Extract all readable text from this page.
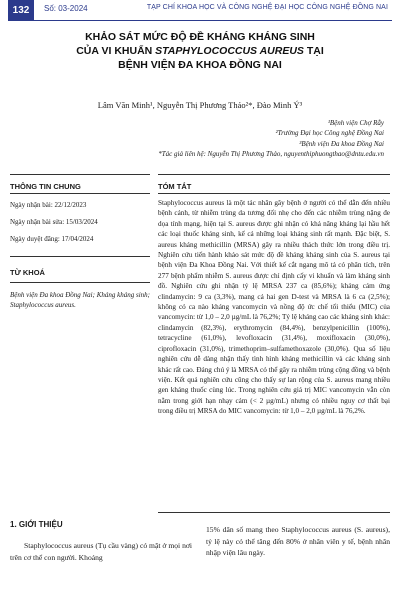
132	Số: 03-2024	TẠP CHÍ KHOA HỌC VÀ CÔNG NGHỆ ĐẠI HỌC CÔNG NGHỆ ĐỒNG NAI
KHẢO SÁT MỨC ĐỘ ĐỀ KHÁNG KHÁNG SINH
CỦA VI KHUẨN STAPHYLOCOCCUS AUREUS TẠI
BỆNH VIỆN ĐA KHOA ĐỒNG NAI
Lâm Văn Minh¹, Nguyễn Thị Phương Thảo²*, Đào Minh Ý³
¹Bệnh viện Chợ Rẫy
²Trường Đại học Công nghệ Đồng Nai
³Bệnh viện Đa khoa Đồng Nai
*Tác giả liên hệ: Nguyễn Thị Phương Thảo, nguyenthiphuongthao@dntu.edu.vn
THÔNG TIN CHUNG
Ngày nhận bài: 22/12/2023
Ngày nhận bài sửa: 15/03/2024
Ngày duyệt đăng: 17/04/2024
TỪ KHOÁ
Bệnh viện Đa khoa Đồng Nai; Kháng kháng sinh; Staphylococcus aureus.
TÓM TẮT
Staphylococcus aureus là một tác nhân gây bệnh ở người có thể dẫn đến nhiều bệnh cảnh, từ nhiễm trùng da tương đối nhẹ cho đến các nhiễm trùng nặng đe dọa tính mạng, hiện tại S. aureus được ghi nhận có khả năng kháng lại hầu hết các loại thuốc kháng sinh, kể cả những loại kháng sinh rất mạnh. Đặc biệt, S. aureus kháng methicillin (MRSA) gây ra nhiều thách thức lớn trong điều trị. Nghiên cứu tiến hành khảo sát mức độ đề kháng kháng sinh của S. aureus tại bệnh viện Đa Khoa Đồng Nai. Với thiết kế cắt ngang mô tả có phân tích, trên 277 bệnh phẩm nhiễm S. aureus được chỉ định cấy vi khuẩn và làm kháng sinh đồ. Nghiên cứu ghi nhận tỷ lệ MRSA 237 ca (85,6%); kháng cảm ứng clindamycin: 9 ca (3,3%), mang cả hai gen D-test và MRSA là 6 ca (2,5%); không có ca nào kháng vancomycin và nồng độ ức chế tối thiểu (MIC) của vancomycin: từ 1,0 – 2,0 µg/mL là 76,2%; Tỷ lệ kháng cao các kháng sinh khác: clindamycin (82,3%), erythromycin (84,4%), benzylpenicillin (100%), tetracycline (61,0%), levofloxacin (31,4%), moxifloxacin (30,0%), ciprofloxacin (31,0%), trimethoprim–sulfamethoxazole (30,0%). Qua số liệu nghiên cứu dễ dàng nhận thấy tình hình kháng methicillin và các kháng sinh khác rất cao. Đáng chú ý là MRSA có thể gây ra nhiễm trùng cộng đồng và bệnh viện. Kết quả nghiên cứu cũng cho thấy sự lan rộng của S. aureus mang nhiều gen kháng thuốc cùng lúc. Trong nghiên cứu giá trị MIC vancomycin vẫn còn nằm trong giới hạn nhạy cảm (< 2 µg/mL) nhưng có nhiều nguy cơ thất bại trong điều trị MRSA do MIC vancomycin: từ 1,0 – 2,0 µg/mL là 76,2%.
1. GIỚI THIỆU
Staphylococcus aureus (Tụ cầu vàng) có mặt ở mọi nơi trên cơ thể con người. Khoảng
15% dân số mang theo Staphylococcus aureus (S. aureus), tỷ lệ này có thể tăng đến 80% ở nhân viên y tế, bệnh nhân nhập viện lâu ngày.
